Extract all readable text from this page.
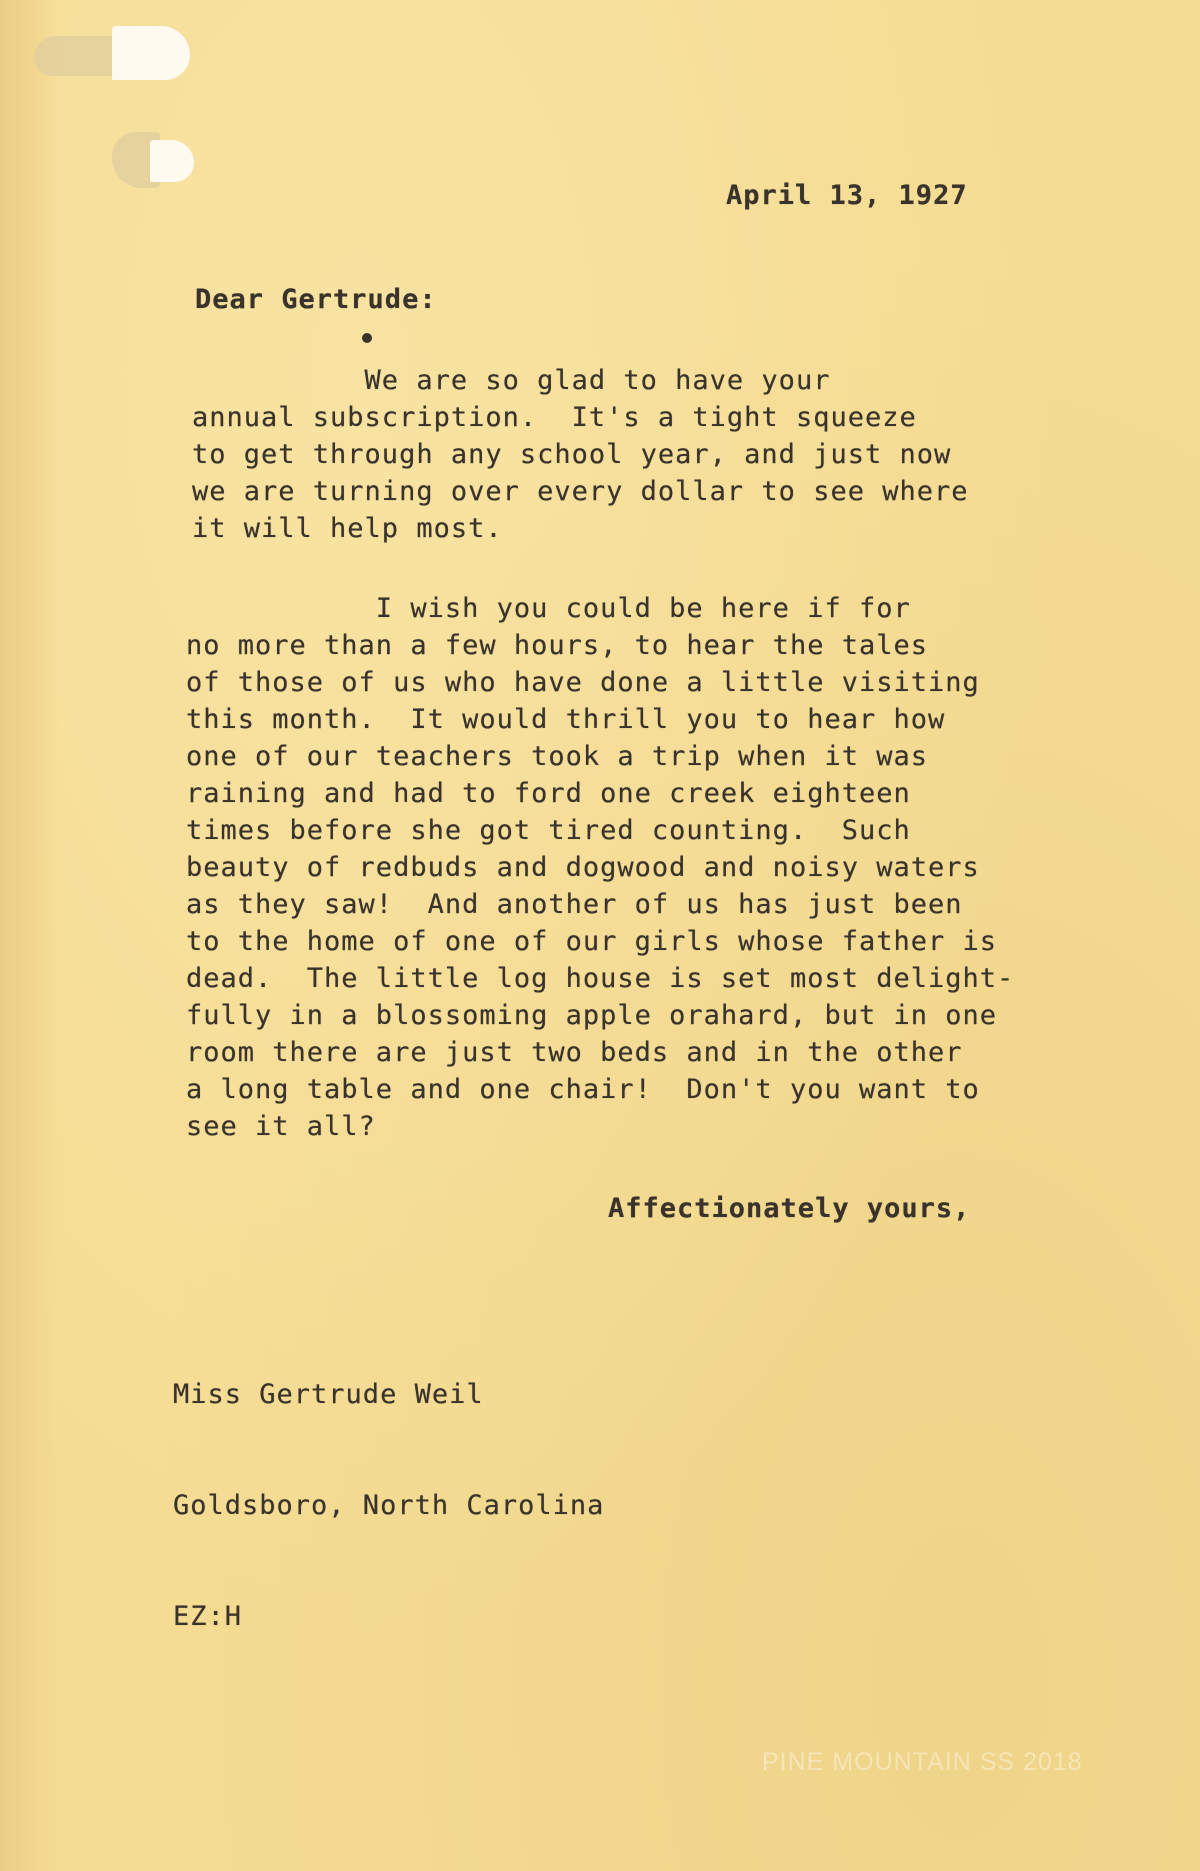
April 13, 1927
Dear Gertrude:
We are so glad to have your
annual subscription.  It's a tight squeeze
to get through any school year, and just now
we are turning over every dollar to see where
it will help most.
I wish you could be here if for
no more than a few hours, to hear the tales
of those of us who have done a little visiting
this month.  It would thrill you to hear how
one of our teachers took a trip when it was
raining and had to ford one creek eighteen
times before she got tired counting.  Such
beauty of redbuds and dogwood and noisy waters
as they saw!  And another of us has just been
to the home of one of our girls whose father is
dead.  The little log house is set most delight-
fully in a blossoming apple orahard, but in one
room there are just two beds and in the other
a long table and one chair!  Don't you want to
see it all?
Affectionately yours,

Miss Gertrude Weil

Goldsboro, North Carolina

EZ:H

PINE MOUNTAIN SS 2018
